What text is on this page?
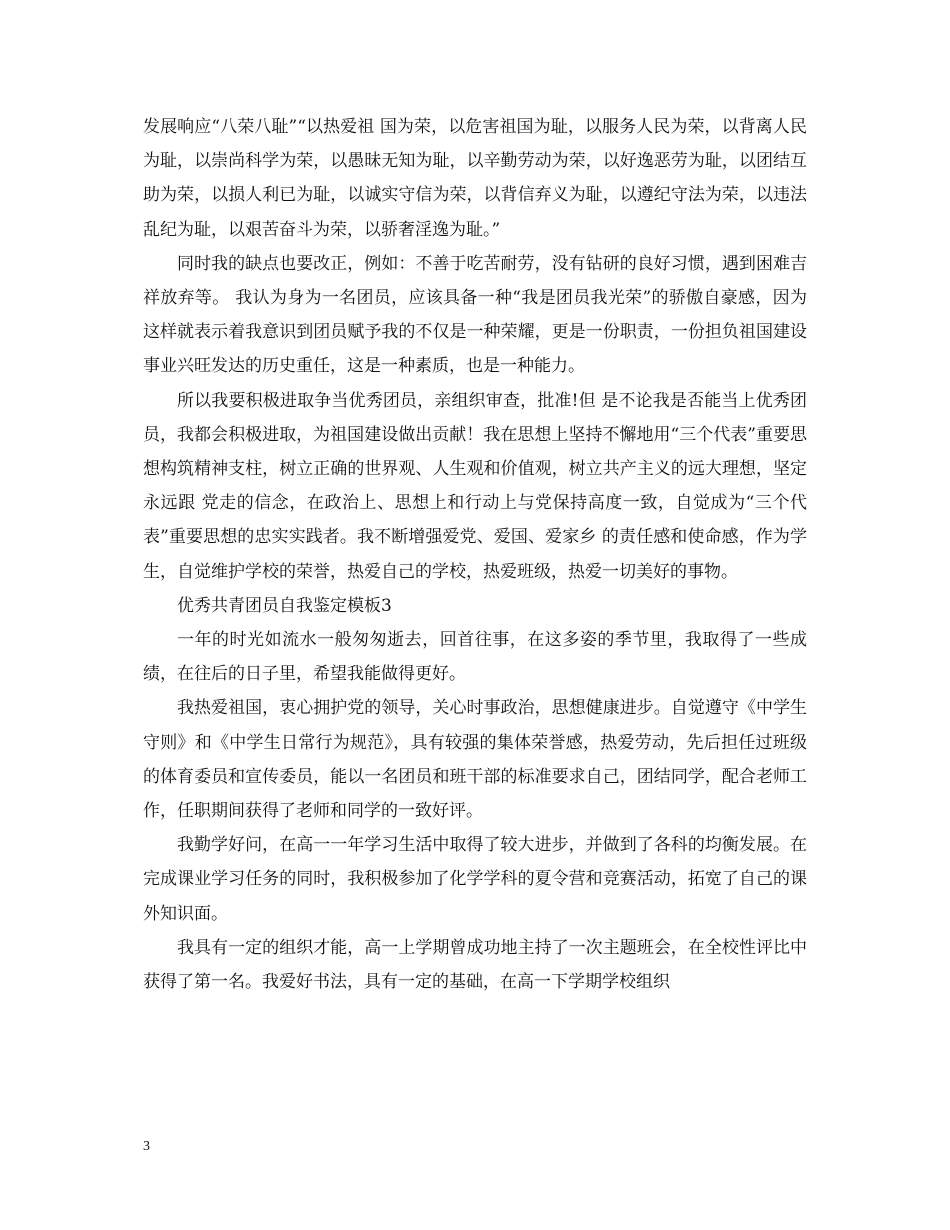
发展响应“八荣八耻”“以热爱祖 国为荣，以危害祖国为耻，以服务人民为荣，以背离人民为耻，以崇尚科学为荣，以愚昧无知为耻，以辛勤劳动为荣，以好逸恶劳为耻，以团结互助为荣，以损人利已为耻，以诚实守信为荣，以背信弃义为耻，以遵纪守法为荣，以违法乱纪为耻，以艰苦奋斗为荣，以骄奢淫逸为耻。”

同时我的缺点也要改正，例如：不善于吃苦耐劳，没有钻研的良好习惯，遇到困难吉祥放弃等。 我认为身为一名团员，应该具备一种“我是团员我光荣”的骄傲自豪感，因为这样就表示着我意识到团员赋予我的不仅是一种荣耀，更是一份职责，一份担负祖国建设事业兴旺发达的历史重任，这是一种素质，也是一种能力。

所以我要积极进取争当优秀团员，亲组织审查，批准!但 是不论我是否能当上优秀团员，我都会积极进取，为祖国建设做出贡献！我在思想上坚持不懈地用“三个代表”重要思想构筑精神支柱，树立正确的世界观、人生观和价值观，树立共产主义的远大理想，坚定永远跟 党走的信念，在政治上、思想上和行动上与党保持高度一致，自觉成为“三个代表”重要思想的忠实实践者。我不断增强爱党、爱国、爱家乡 的责任感和使命感，作为学生，自觉维护学校的荣誉，热爱自己的学校，热爱班级，热爱一切美好的事物。

优秀共青团员自我鉴定模板3

一年的时光如流水一般匆匆逝去，回首往事，在这多姿的季节里，我取得了一些成绩，在往后的日子里，希望我能做得更好。

我热爱祖国，衷心拥护党的领导，关心时事政治，思想健康进步。自觉遵守《中学生守则》和《中学生日常行为规范》，具有较强的集体荣誉感，热爱劳动，先后担任过班级的体育委员和宣传委员，能以一名团员和班干部的标准要求自己，团结同学，配合老师工作，任职期间获得了老师和同学的一致好评。

我勤学好问，在高一一年学习生活中取得了较大进步，并做到了各科的均衡发展。在完成课业学习任务的同时，我积极参加了化学学科的夏令营和竞赛活动，拓宽了自己的课外知识面。

我具有一定的组织才能，高一上学期曾成功地主持了一次主题班会，在全校性评比中获得了第一名。我爱好书法，具有一定的基础，在高一下学期学校组织

3
